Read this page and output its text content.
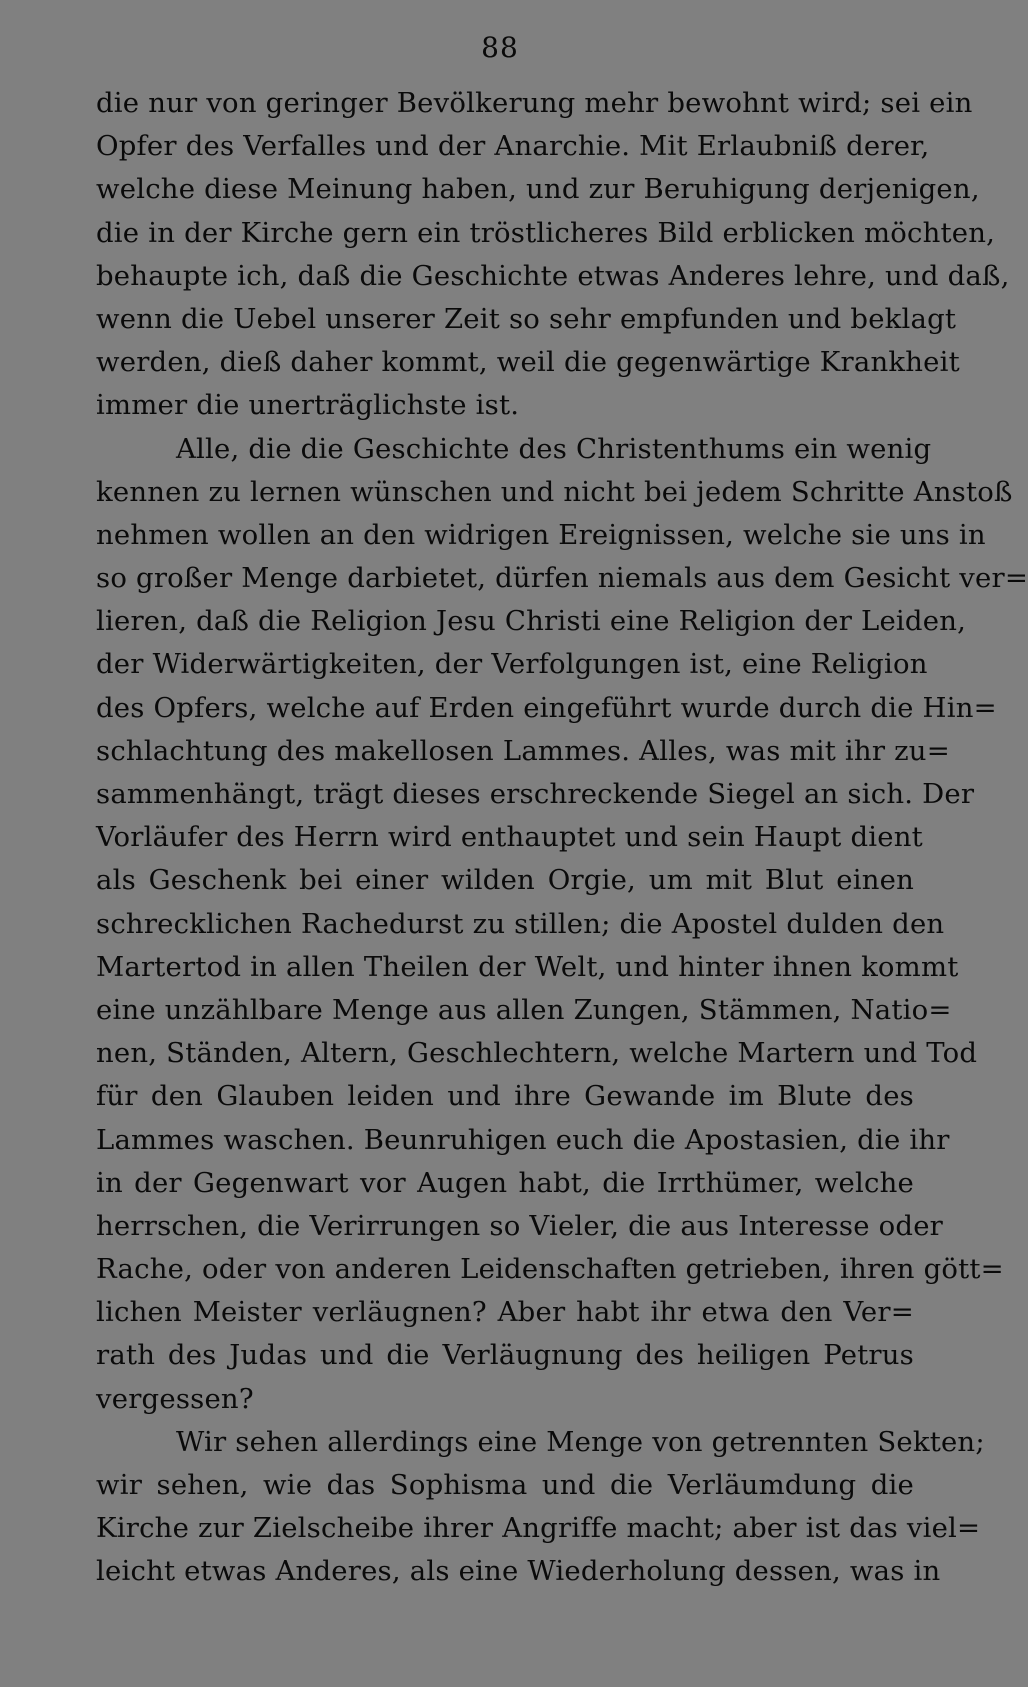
88
die nur von geringer Bevölkerung mehr bewohnt wird; sei ein
Opfer des Verfalles und der Anarchie. Mit Erlaubniß derer,
welche diese Meinung haben, und zur Beruhigung derjenigen,
die in der Kirche gern ein tröstlicheres Bild erblicken möchten,
behaupte ich, daß die Geschichte etwas Anderes lehre, und daß,
wenn die Uebel unserer Zeit so sehr empfunden und beklagt
werden, dieß daher kommt, weil die gegenwärtige Krankheit
immer die unerträglichste ist.
Alle, die die Geschichte des Christenthums ein wenig
kennen zu lernen wünschen und nicht bei jedem Schritte Anstoß
nehmen wollen an den widrigen Ereignissen, welche sie uns in
so großer Menge darbietet, dürfen niemals aus dem Gesicht ver=
lieren, daß die Religion Jesu Christi eine Religion der Leiden,
der Widerwärtigkeiten, der Verfolgungen ist, eine Religion
des Opfers, welche auf Erden eingeführt wurde durch die Hin=
schlachtung des makellosen Lammes. Alles, was mit ihr zu=
sammenhängt, trägt dieses erschreckende Siegel an sich. Der
Vorläufer des Herrn wird enthauptet und sein Haupt dient
als Geschenk bei einer wilden Orgie, um mit Blut einen
schrecklichen Rachedurst zu stillen; die Apostel dulden den
Martertod in allen Theilen der Welt, und hinter ihnen kommt
eine unzählbare Menge aus allen Zungen, Stämmen, Natio=
nen, Ständen, Altern, Geschlechtern, welche Martern und Tod
für den Glauben leiden und ihre Gewande im Blute des
Lammes waschen. Beunruhigen euch die Apostasien, die ihr
in der Gegenwart vor Augen habt, die Irrthümer, welche
herrschen, die Verirrungen so Vieler, die aus Interesse oder
Rache, oder von anderen Leidenschaften getrieben, ihren gött=
lichen Meister verläugnen? Aber habt ihr etwa den Ver=
rath des Judas und die Verläugnung des heiligen Petrus
vergessen?
Wir sehen allerdings eine Menge von getrennten Sekten;
wir sehen, wie das Sophisma und die Verläumdung die
Kirche zur Zielscheibe ihrer Angriffe macht; aber ist das viel=
leicht etwas Anderes, als eine Wiederholung dessen, was in
